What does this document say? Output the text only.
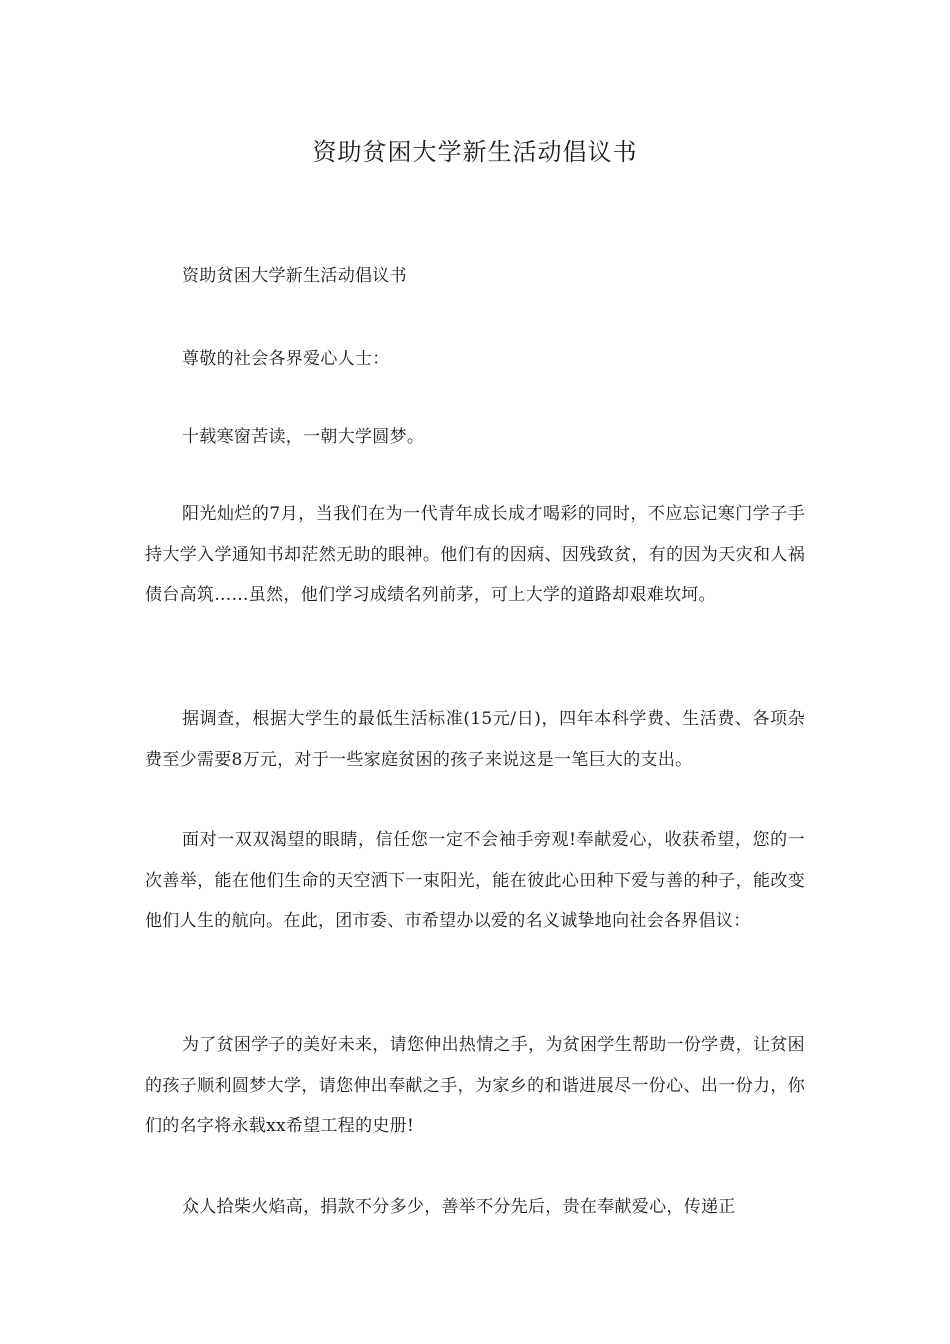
资助贫困大学新生活动倡议书

资助贫困大学新生活动倡议书

尊敬的社会各界爱心人士：

十载寒窗苦读，一朝大学圆梦。

阳光灿烂的7月，当我们在为一代青年成长成才喝彩的同时，不应忘记寒门学子手持大学入学通知书却茫然无助的眼神。他们有的因病、因残致贫，有的因为天灾和人祸债台高筑……虽然，他们学习成绩名列前茅，可上大学的道路却艰难坎坷。

据调查，根据大学生的最低生活标准(15元/日)，四年本科学费、生活费、各项杂费至少需要8万元，对于一些家庭贫困的孩子来说这是一笔巨大的支出。

面对一双双渴望的眼睛，信任您一定不会袖手旁观!奉献爱心，收获希望，您的一次善举，能在他们生命的天空洒下一束阳光，能在彼此心田种下爱与善的种子，能改变他们人生的航向。在此，团市委、市希望办以爱的名义诚挚地向社会各界倡议：

为了贫困学子的美好未来，请您伸出热情之手，为贫困学生帮助一份学费，让贫困的孩子顺利圆梦大学，请您伸出奉献之手，为家乡的和谐进展尽一份心、出一份力，你们的名字将永载xx希望工程的史册!

众人拾柴火焰高，捐款不分多少，善举不分先后，贵在奉献爱心，传递正
